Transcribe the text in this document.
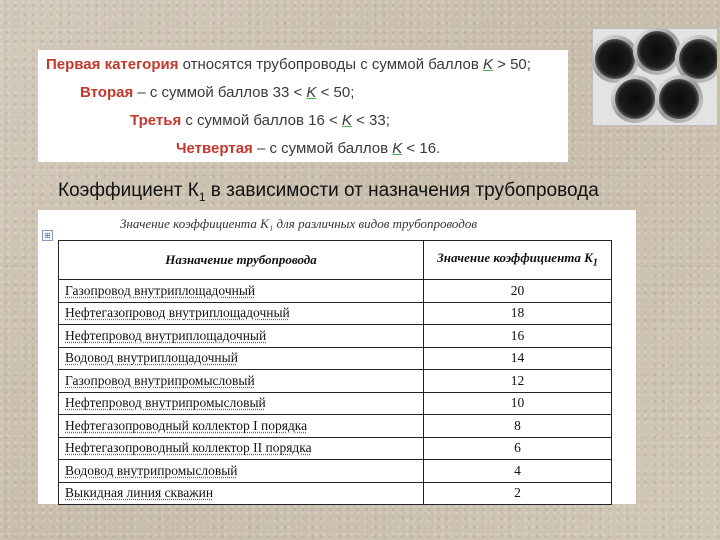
Первая категория относятся трубопроводы с суммой баллов K > 50;
Вторая – с суммой баллов 33 < K < 50;
Третья с суммой баллов 16 < K < 33;
Четвертая – с суммой баллов K < 16.
Коэффициент $К_1$ в зависимости от назначения трубопровода
Значение коэффициента K₁ для различных видов трубопроводов
⊞
Назначение трубопровода	Значение коэффициента $K_1$
Газопровод внутриплощадочный	20
Нефтегазопровод внутриплощадочный	18
Нефтепровод внутриплощадочный	16
Водовод внутриплощадочный	14
Газопровод внутрипромысловый	12
Нефтепровод внутрипромысловый	10
Нефтегазопроводный коллектор I порядка	8
Нефтегазопроводный коллектор II порядка	6
Водовод внутрипромысловый	4
Выкидная линия скважин	2
